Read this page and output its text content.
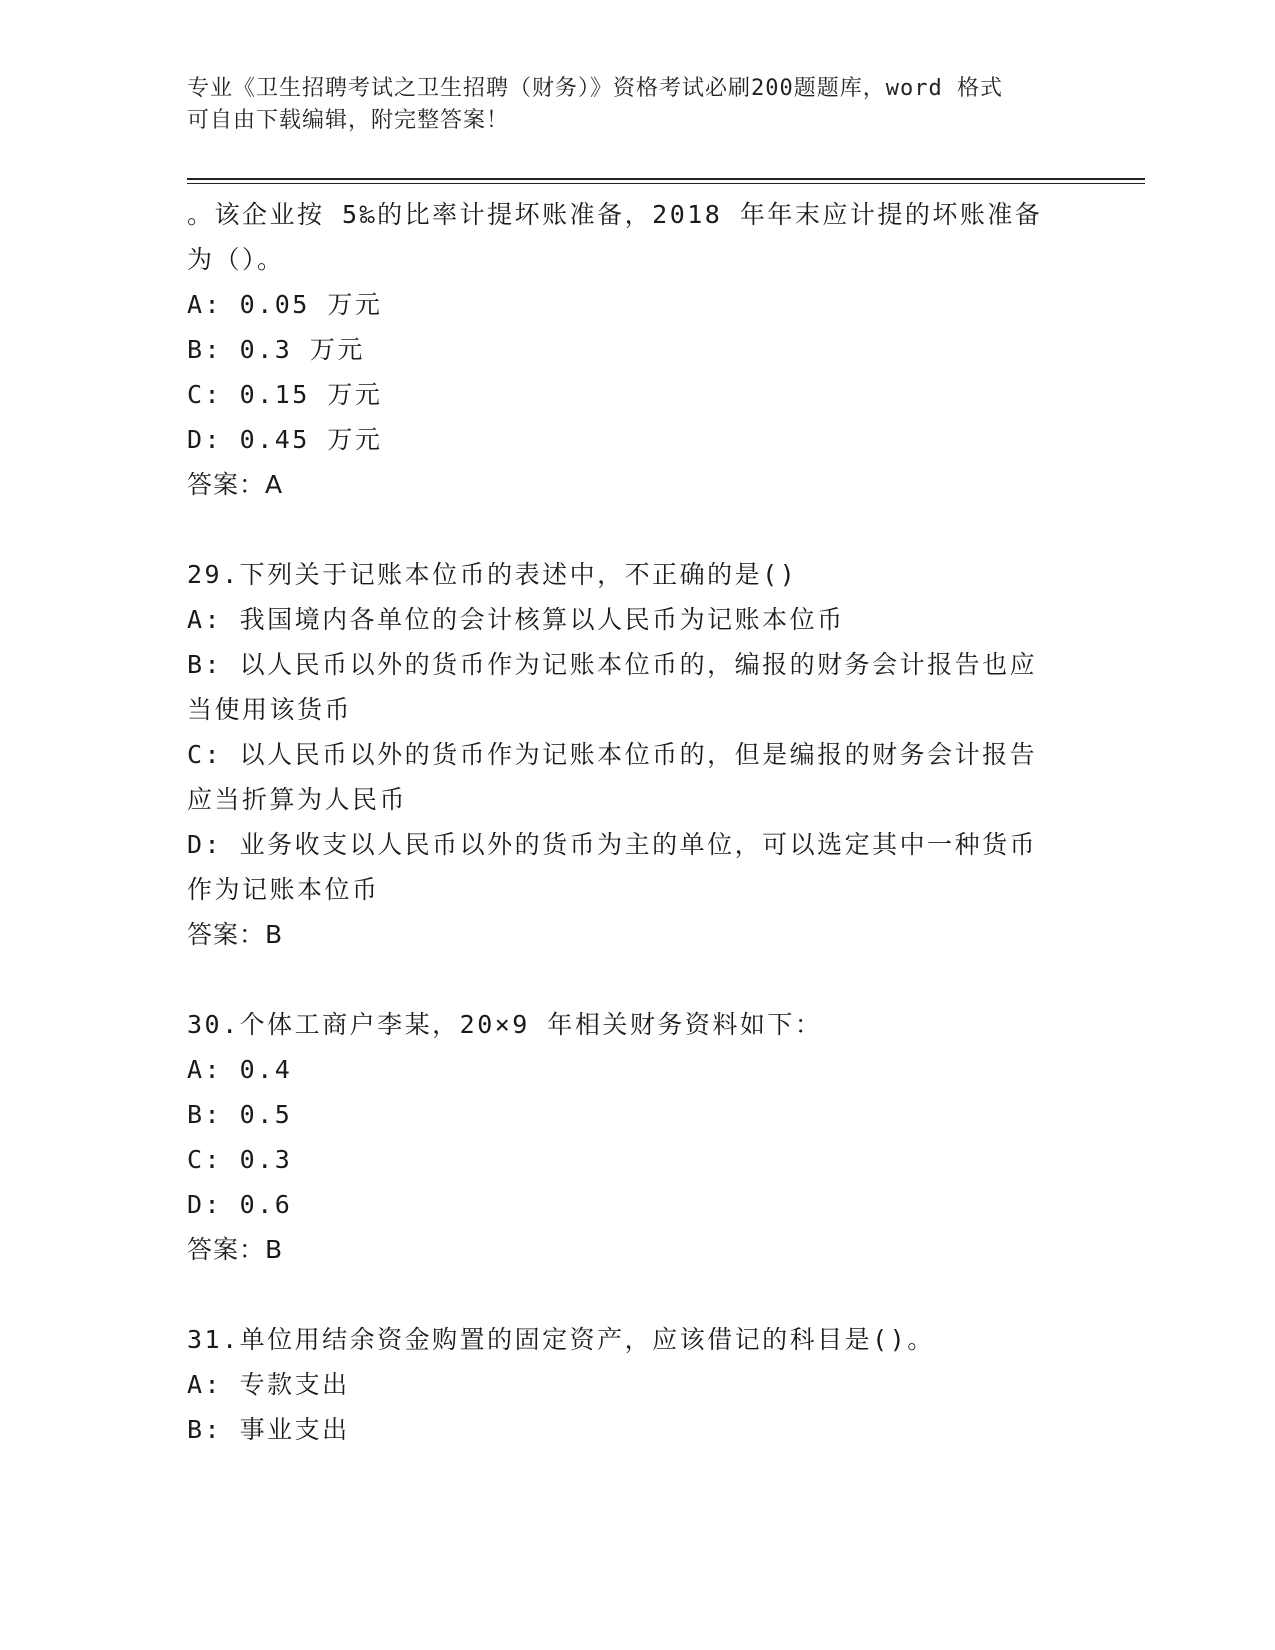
专业《卫生招聘考试之卫生招聘（财务）》资格考试必刷200题题库，word 格式
可自由下载编辑，附完整答案！
。该企业按 5‰的比率计提坏账准备，2018 年年末应计提的坏账准备
为（）。
A: 0.05 万元
B: 0.3 万元
C: 0.15 万元
D: 0.45 万元
答案：A
29.下列关于记账本位币的表述中，不正确的是()
A: 我国境内各单位的会计核算以人民币为记账本位币
B: 以人民币以外的货币作为记账本位币的，编报的财务会计报告也应
当使用该货币
C: 以人民币以外的货币作为记账本位币的，但是编报的财务会计报告
应当折算为人民币
D: 业务收支以人民币以外的货币为主的单位，可以选定其中一种货币
作为记账本位币
答案：B
30.个体工商户李某，20×9 年相关财务资料如下：
A: 0.4
B: 0.5
C: 0.3
D: 0.6
答案：B
31.单位用结余资金购置的固定资产，应该借记的科目是()。
A: 专款支出
B: 事业支出
